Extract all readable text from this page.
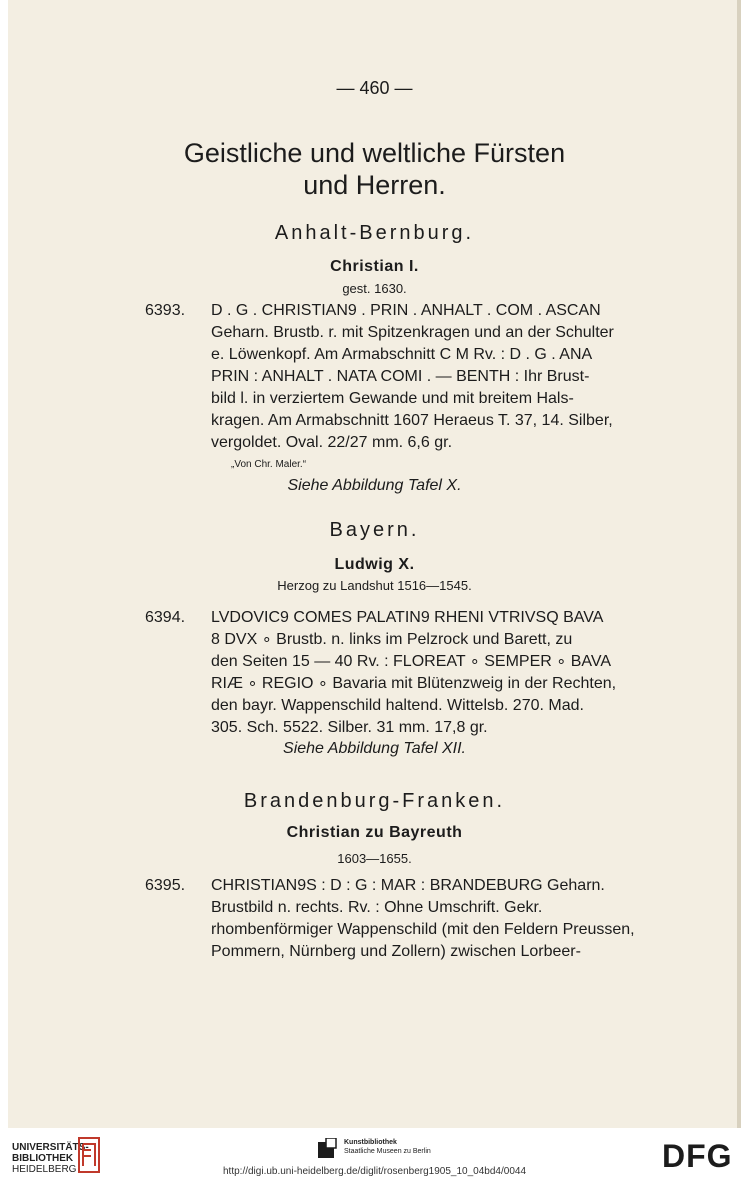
— 460 —
Geistliche und weltliche Fürsten
und Herren.
Anhalt-Bernburg.
Christian I.
gest. 1630.
6393. D . G . CHRISTIAN9 . PRIN . ANHALT . COM . ASCAN
Geharn. Brustb. r. mit Spitzenkragen und an der Schulter
e. Löwenkopf. Am Armabschnitt C M Rv. : D . G . ANA
PRIN : ANHALT . NATA COMI . — BENTH : Ihr Brust-
bild l. in verziertem Gewande und mit breitem Hals-
kragen. Am Armabschnitt 1607 Heraeus T. 37, 14. Silber,
vergoldet. Oval. 22/27 mm. 6,6 gr.
„Von Chr. Maler.“
Siehe Abbildung Tafel X.
Bayern.
Ludwig X.
Herzog zu Landshut 1516—1545.
6394. LVDOVIC9 COMES PALATIN9 RHENI VTRIVSQ BAVA
8 DVX ∘ Brustb. n. links im Pelzrock und Barett, zu
den Seiten 15 — 40 Rv. : FLOREAT ∘ SEMPER ∘ BAVA
RIÆ ∘ REGIO ∘ Bavaria mit Blütenzweig in der Rechten,
den bayr. Wappenschild haltend. Wittelsb. 270. Mad.
305. Sch. 5522. Silber. 31 mm. 17,8 gr.
Siehe Abbildung Tafel XII.
Brandenburg-Franken.
Christian zu Bayreuth
1603—1655.
6395. CHRISTIAN9S : D : G : MAR : BRANDEBURG Geharn.
Brustbild n. rechts. Rv. : Ohne Umschrift. Gekr.
rhombenförmiger Wappenschild (mit den Feldern Preussen,
Pommern, Nürnberg und Zollern) zwischen Lorbeer-
UNIVERSITÄTS-
BIBLIOTHEK
HEIDELBERG
Kunstbibliothek
Staatliche Museen zu Berlin	DFG
http://digi.ub.uni-heidelberg.de/diglit/rosenberg1905_10_04bd4/0044
